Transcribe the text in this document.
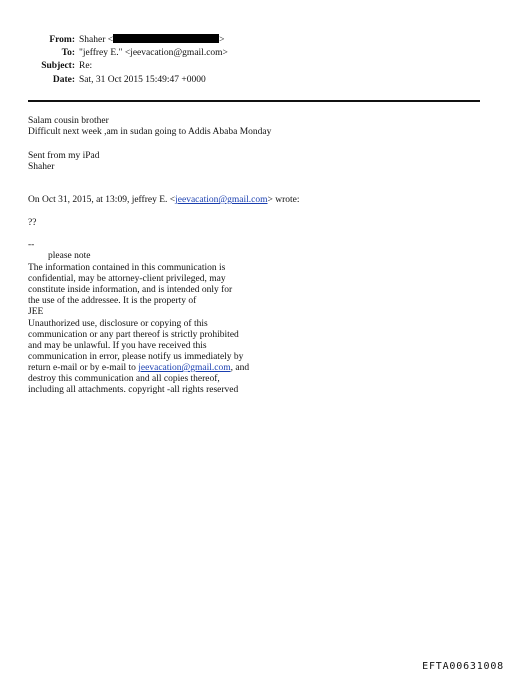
From: Shaher <	>
To: "jeffrey E." <jeevacation@gmail.com>
Subject: Re:
Date: Sat, 31 Oct 2015 15:49:47 +0000
Salam cousin brother
Difficult next week ,am in sudan going to Addis Ababa Monday
Sent from my iPad
Shaher
On Oct 31, 2015, at 13:09, jeffrey E. <jeevacation@gmail.com> wrote:
??
--
please note
The information contained in this communication is
confidential, may be attorney-client privileged, may
constitute inside information, and is intended only for
the use of the addressee. It is the property of
JEE
Unauthorized use, disclosure or copying of this
communication or any part thereof is strictly prohibited
and may be unlawful. If you have received this
communication in error, please notify us immediately by
return e-mail or by e-mail to jeevacation@gmail.com, and
destroy this communication and all copies thereof,
including all attachments. copyright -all rights reserved
EFTA00631008
